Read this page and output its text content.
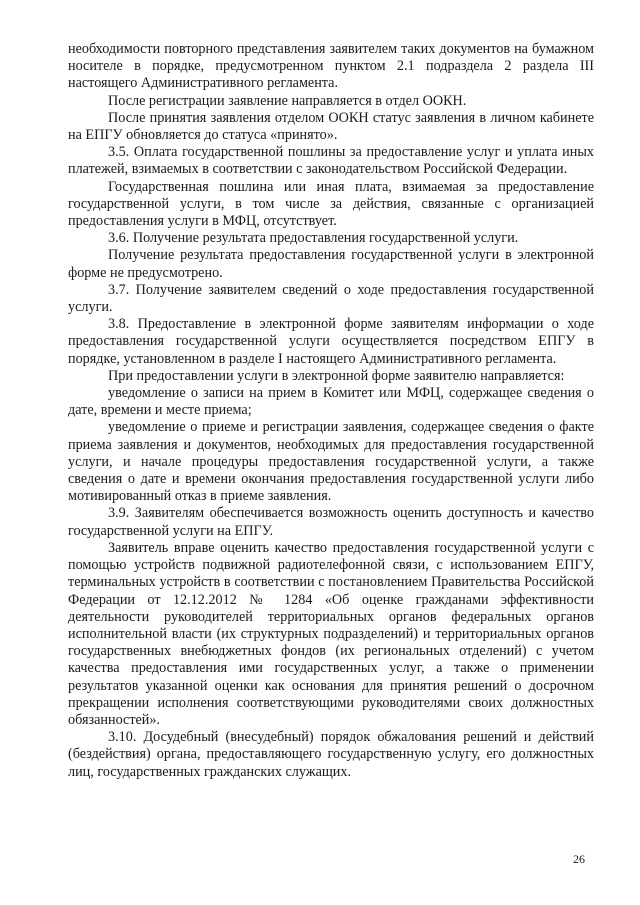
необходимости повторного представления заявителем таких документов на бумажном носителе в порядке, предусмотренном пунктом 2.1 подраздела 2 раздела III настоящего Административного регламента.

После регистрации заявление направляется в отдел ООКН.

После принятия заявления отделом ООКН статус заявления в личном кабинете на ЕПГУ обновляется до статуса «принято».

3.5. Оплата государственной пошлины за предоставление услуг и уплата иных платежей, взимаемых в соответствии с законодательством Российской Федерации.

Государственная пошлина или иная плата, взимаемая за предоставление государственной услуги, в том числе за действия, связанные с организацией предоставления услуги в МФЦ, отсутствует.

3.6. Получение результата предоставления государственной услуги.

Получение результата предоставления государственной услуги в электронной форме не предусмотрено.

3.7. Получение заявителем сведений о ходе предоставления государственной услуги.

3.8. Предоставление в электронной форме заявителям информации о ходе предоставления государственной услуги осуществляется посредством ЕПГУ в порядке, установленном в разделе I настоящего Административного регламента.

При предоставлении услуги в электронной форме заявителю направляется:

уведомление о записи на прием в Комитет или МФЦ, содержащее сведения о дате, времени и месте приема;

уведомление о приеме и регистрации заявления, содержащее сведения о факте приема заявления и документов, необходимых для предоставления государственной услуги, и начале процедуры предоставления государственной услуги, а также сведения о дате и времени окончания предоставления государственной услуги либо мотивированный отказ в приеме заявления.

3.9. Заявителям обеспечивается возможность оценить доступность и качество государственной услуги на ЕПГУ.

Заявитель вправе оценить качество предоставления государственной услуги с помощью устройств подвижной радиотелефонной связи, с использованием ЕПГУ, терминальных устройств в соответствии с постановлением Правительства Российской Федерации от 12.12.2012 № 1284 «Об оценке гражданами эффективности деятельности руководителей территориальных органов федеральных органов исполнительной власти (их структурных подразделений) и территориальных органов государственных внебюджетных фондов (их региональных отделений) с учетом качества предоставления ими государственных услуг, а также о применении результатов указанной оценки как основания для принятия решений о досрочном прекращении исполнения соответствующими руководителями своих должностных обязанностей».

3.10. Досудебный (внесудебный) порядок обжалования решений и действий (бездействия) органа, предоставляющего государственную услугу, его должностных лиц, государственных гражданских служащих.

26
